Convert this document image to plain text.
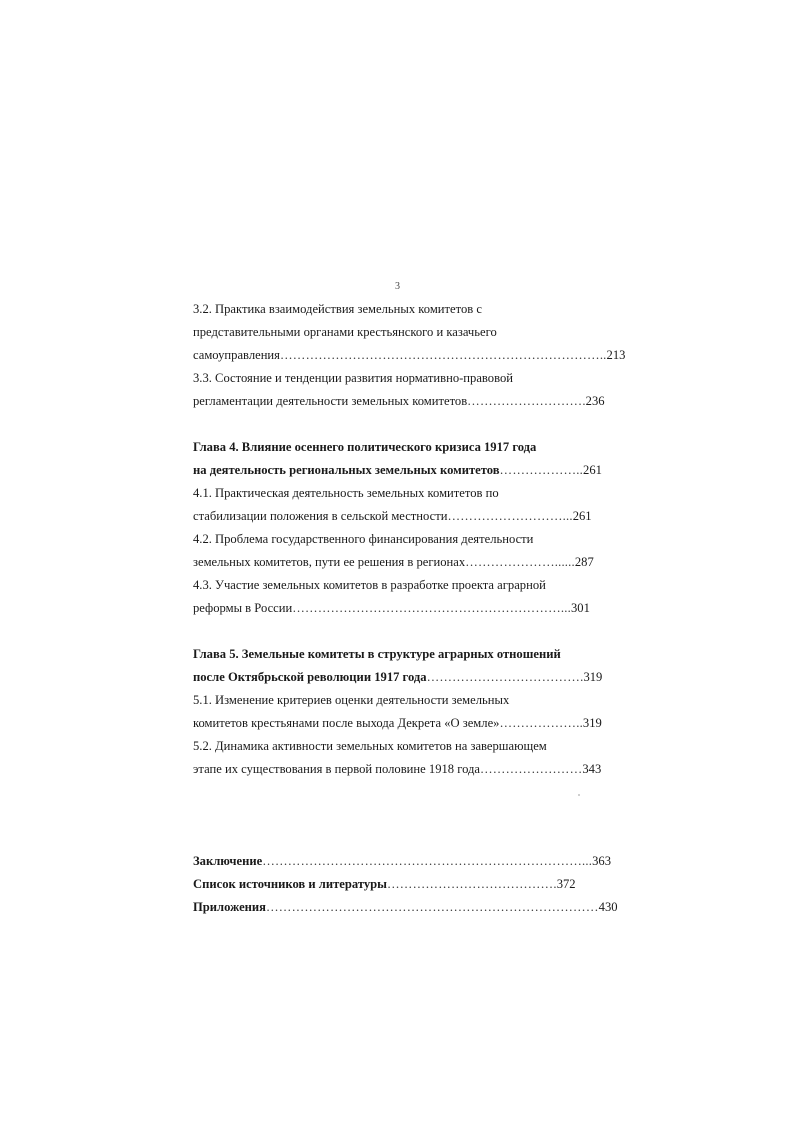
3
3.2. Практика взаимодействия земельных комитетов с
представительными органами крестьянского и казачьего
самоуправления…………………………………………………………………..213
3.3. Состояние и тенденции развития нормативно-правовой
регламентации деятельности земельных комитетов……………………….236
Глава 4. Влияние осеннего политического кризиса 1917 года
на деятельность региональных земельных комитетов………………..261
4.1. Практическая деятельность земельных комитетов по
стабилизации положения в сельской местности………………………...261
4.2. Проблема государственного финансирования деятельности
земельных комитетов, пути ее решения в регионах…………………......287
4.3. Участие земельных комитетов в разработке проекта аграрной
реформы в России………………………………………………………...301
Глава 5. Земельные комитеты в структуре аграрных отношений
после Октябрьской революции 1917 года……………………………….319
5.1. Изменение критериев оценки деятельности земельных
комитетов крестьянами после выхода Декрета «О земле»………………..319
5.2. Динамика активности земельных комитетов на завершающем
этапе их существования в первой половине 1918 года……………………343
Заключение…………………………………………………………………...363
Список источников и литературы………………………………….372
Приложения……………………………………………………………………430
